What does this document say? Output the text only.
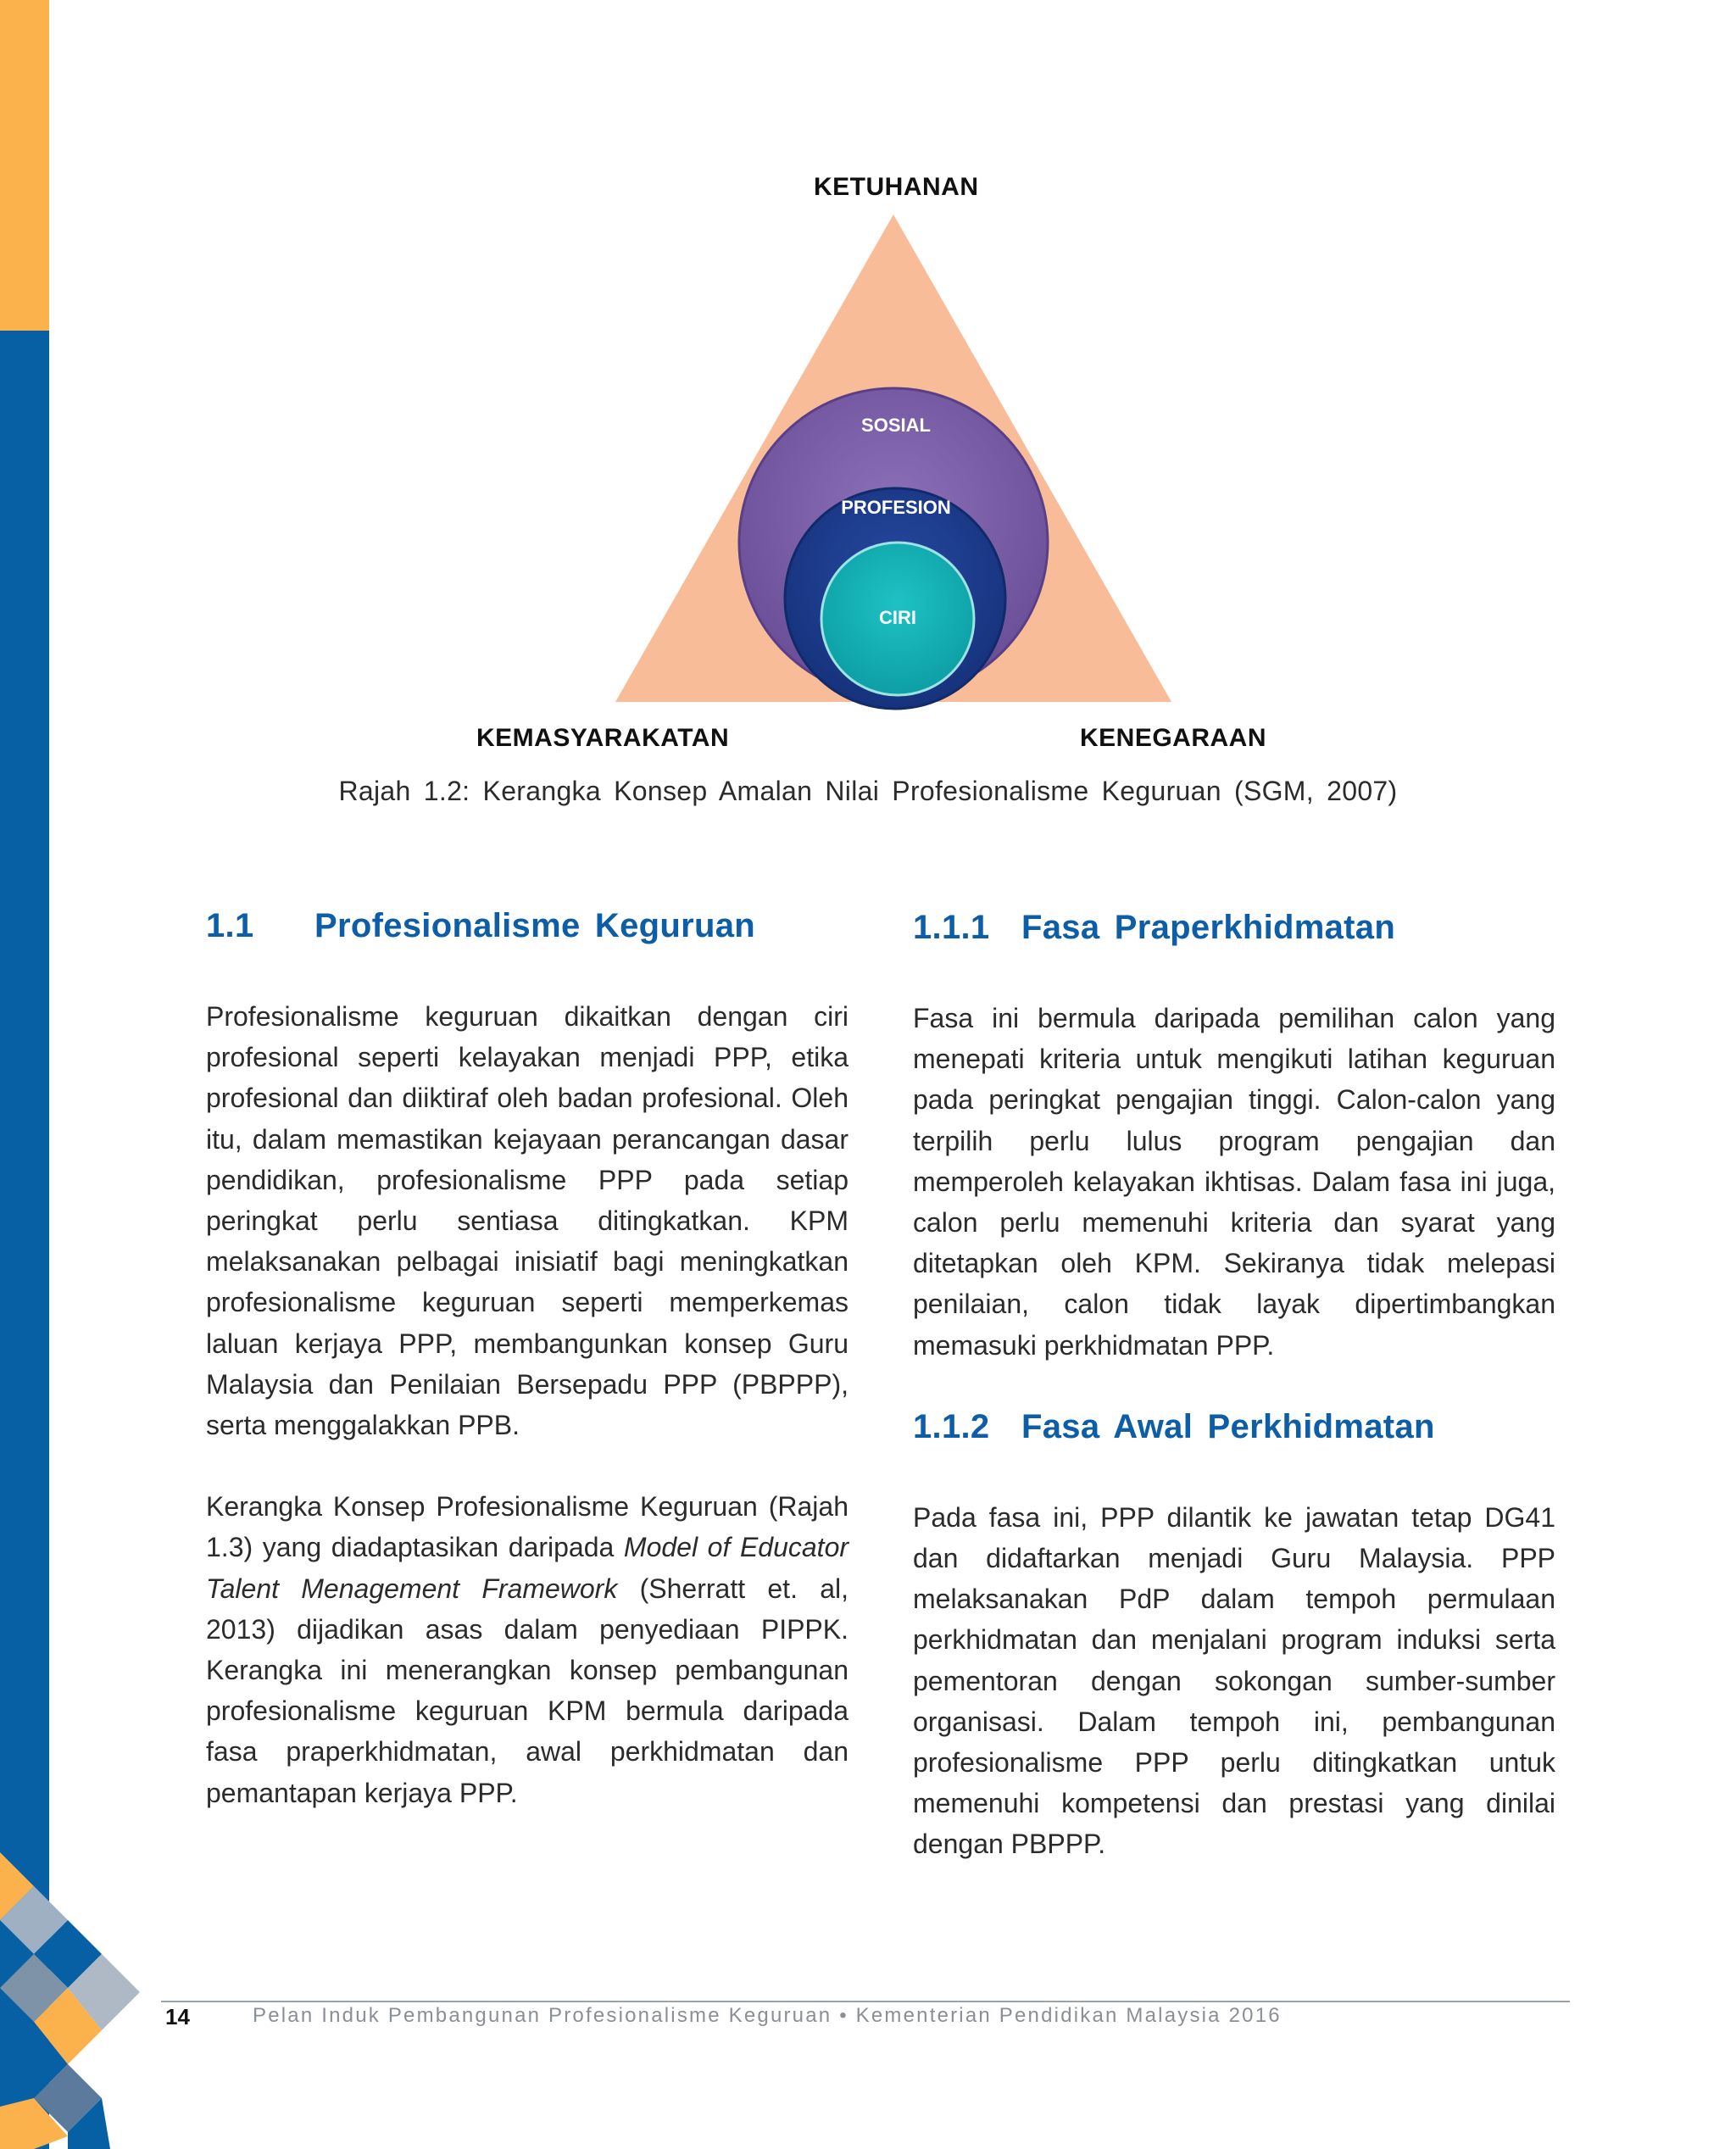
KETUHANAN
KEMASYARAKATAN	KENEGARAAN
SOSIAL
PROFESION
CIRI
Rajah 1.2: Kerangka Konsep Amalan Nilai Profesionalisme Keguruan (SGM, 2007)
1.1 Profesionalisme Keguruan

Profesionalisme keguruan dikaitkan dengan ciri profesional seperti kelayakan menjadi PPP, etika profesional dan diiktiraf oleh badan profesional. Oleh itu, dalam memastikan kejayaan perancangan dasar pendidikan, profesionalisme PPP pada setiap peringkat perlu sentiasa ditingkatkan. KPM melaksanakan pelbagai inisiatif bagi meningkatkan profesionalisme keguruan seperti memperkemas laluan kerjaya PPP, membangunkan konsep Guru Malaysia dan Penilaian Bersepadu PPP (PBPPP), serta menggalakkan PPB.

Kerangka Konsep Profesionalisme Keguruan (Rajah 1.3) yang diadaptasikan daripada Model of Educator Talent Menagement Framework (Sherratt et. al, 2013) dijadikan asas dalam penyediaan PIPPK. Kerangka ini menerangkan konsep pembangunan profesionalisme keguruan KPM bermula daripada fasa praperkhidmatan, awal perkhidmatan dan pemantapan kerjaya PPP.

1.1.1 Fasa Praperkhidmatan

Fasa ini bermula daripada pemilihan calon yang menepati kriteria untuk mengikuti latihan keguruan pada peringkat pengajian tinggi. Calon-calon yang terpilih perlu lulus program pengajian dan memperoleh kelayakan ikhtisas. Dalam fasa ini juga, calon perlu memenuhi kriteria dan syarat yang ditetapkan oleh KPM. Sekiranya tidak melepasi penilaian, calon tidak layak dipertimbangkan memasuki perkhidmatan PPP.

1.1.2 Fasa Awal Perkhidmatan

Pada fasa ini, PPP dilantik ke jawatan tetap DG41 dan didaftarkan menjadi Guru Malaysia. PPP melaksanakan PdP dalam tempoh permulaan perkhidmatan dan menjalani program induksi serta pementoran dengan sokongan sumber-sumber organisasi. Dalam tempoh ini, pembangunan profesionalisme PPP perlu ditingkatkan untuk memenuhi kompetensi dan prestasi yang dinilai dengan PBPPP.

14	Pelan Induk Pembangunan Profesionalisme Keguruan • Kementerian Pendidikan Malaysia 2016
